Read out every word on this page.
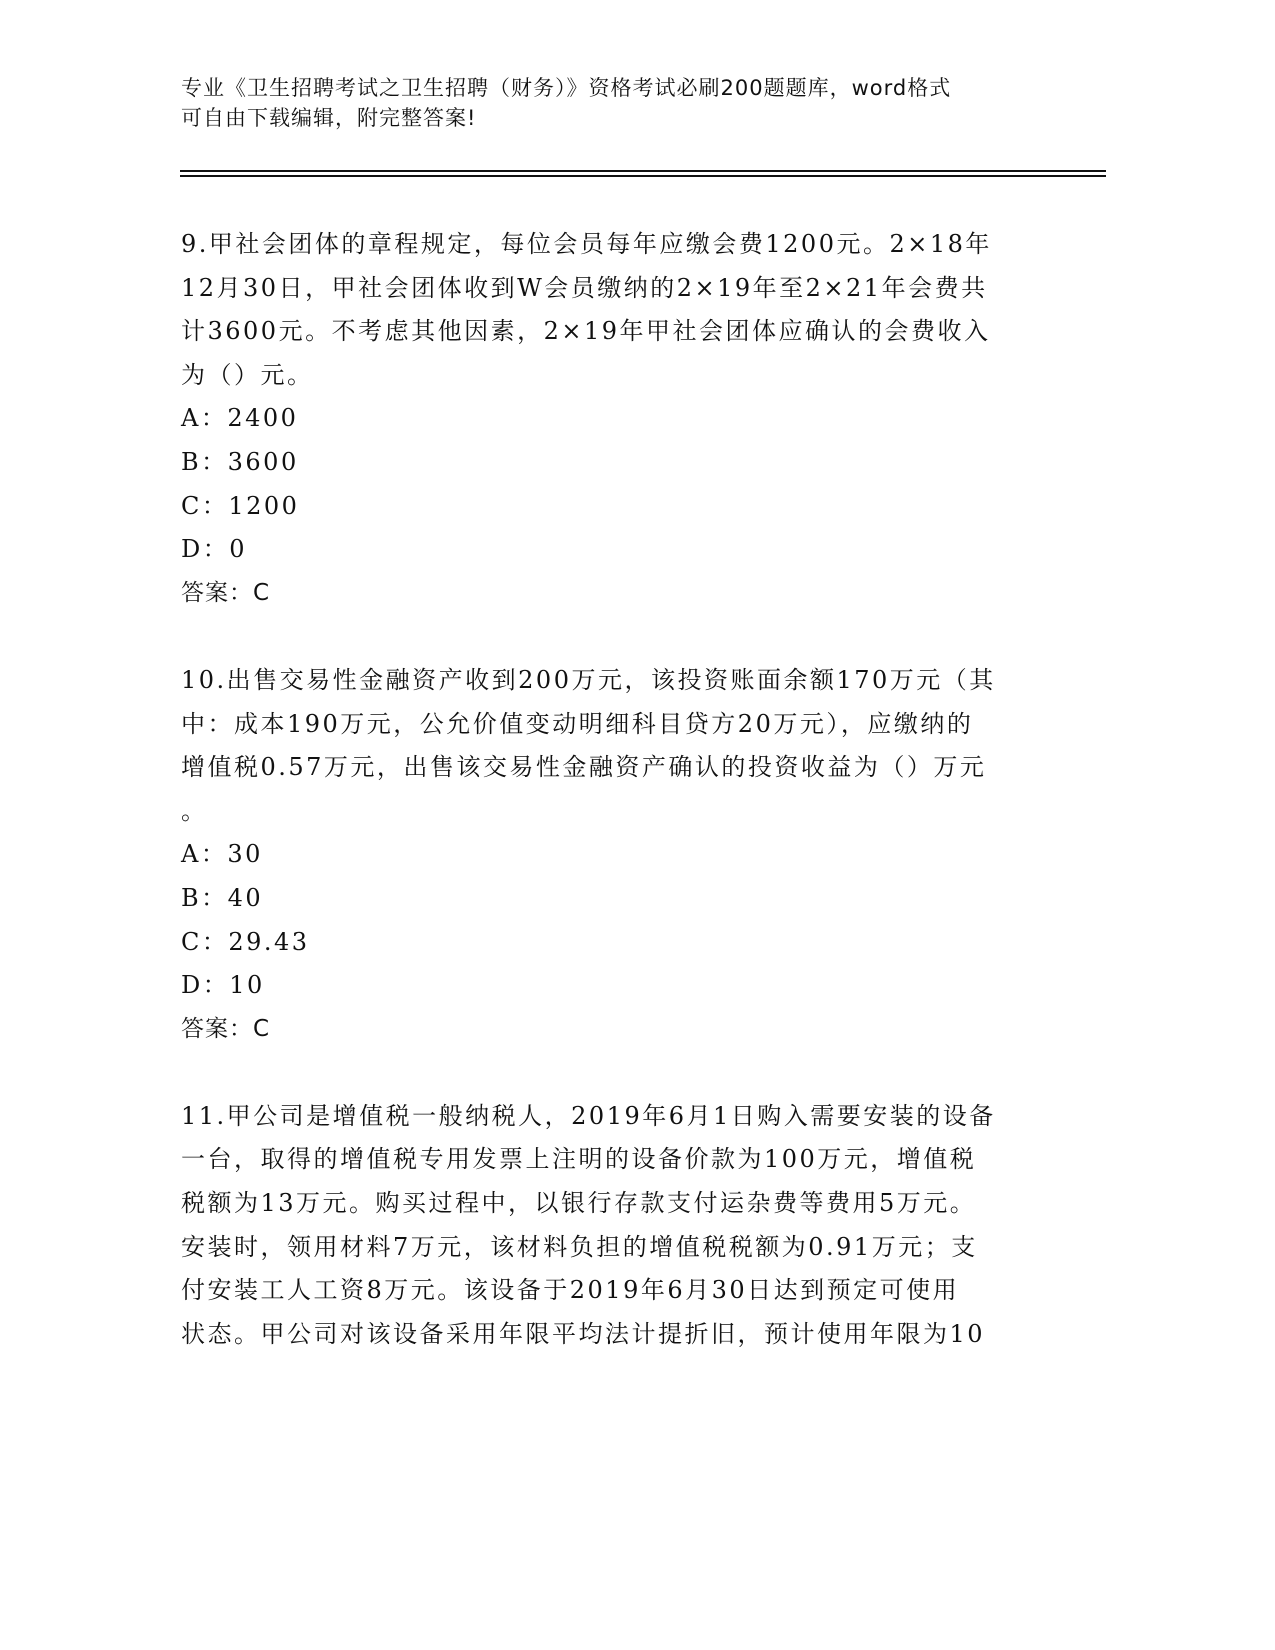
专业《卫生招聘考试之卫生招聘（财务）》资格考试必刷200题题库，word格式
可自由下载编辑，附完整答案!
9.甲社会团体的章程规定，每位会员每年应缴会费1200元。2×18年
12月30日，甲社会团体收到W会员缴纳的2×19年至2×21年会费共
计3600元。不考虑其他因素，2×19年甲社会团体应确认的会费收入
为（）元。
A：2400
B：3600
C：1200
D：0
答案：C
10.出售交易性金融资产收到200万元，该投资账面余额170万元（其
中：成本190万元，公允价值变动明细科目贷方20万元），应缴纳的
增值税0.57万元，出售该交易性金融资产确认的投资收益为（）万元
。
A：30
B：40
C：29.43
D：10
答案：C
11.甲公司是增值税一般纳税人，2019年6月1日购入需要安装的设备
一台，取得的增值税专用发票上注明的设备价款为100万元，增值税
税额为13万元。购买过程中，以银行存款支付运杂费等费用5万元。
安装时，领用材料7万元，该材料负担的增值税税额为0.91万元；支
付安装工人工资8万元。该设备于2019年6月30日达到预定可使用
状态。甲公司对该设备采用年限平均法计提折旧，预计使用年限为10
